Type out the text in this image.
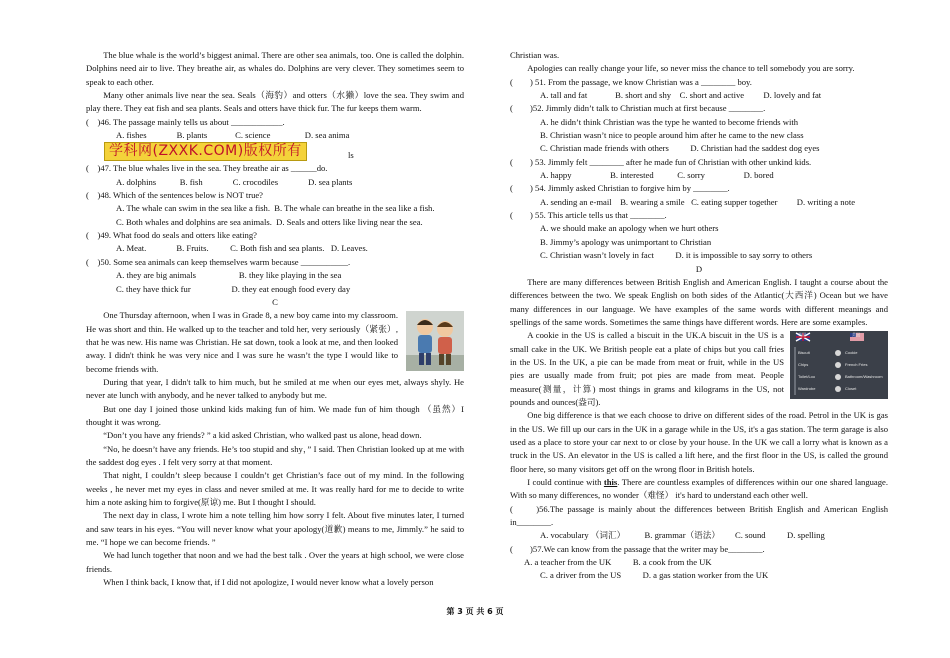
The blue whale is the world’s biggest animal. There are other sea animals, too. One is called the dolphin. Dolphins need air to live. They breathe air, as whales do. Dolphins are very clever. They sometimes seem to speak to each other.

Many other animals live near the sea. Seals（海豹）and otters（水獭）love the sea. They swim and play there. They eat fish and sea plants. Seals and otters have thick fur. The fur keeps them warm.

(　)46. The passage mainly tells us about ____________.

A. fishes              B. plants             C. science                D. sea anima

学科网(ZXXK.COM)版权所有	ls

(　)47. The blue whales live in the sea. They breathe air as ______do.

A. dolphins           B. fish              C. crocodiles              D. sea plants

(　)48. Which of the sentences below is NOT true?

A. The whale can swim in the sea like a fish.  B. The whale can breathe in the sea like a fish.

C. Both whales and dolphins are sea animals.  D. Seals and otters like living near the sea.

(　)49. What food do seals and otters like eating?

A. Meat.              B. Fruits.          C. Both fish and sea plants.   D. Leaves.

(　)50. Some sea animals can keep themselves warm because ___________.

A. they are big animals                    B. they like playing in the sea

C. they have thick fur                   D. they eat enough food every day

C

One Thursday afternoon, when I was in Grade 8, a new boy came into my classroom. He was short and thin. He walked up to the teacher and told her, very seriously（紧张）, that he was new. His name was Christian. He sat down, took a look at me, and then looked away. I didn't think he was very nice and I was sure he wasn’t the type I would like to become friends with.

During that year, I didn't talk to him much, but he smiled at me when our eyes met, always shyly. He never ate lunch with anybody, and he never talked to anybody but me.

But one day I joined those unkind kids making fun of him. We made fun of him though （虽然）I thought it was wrong.

“Don’t you have any friends? ” a kid asked Christian, who walked past us alone, head down.

“No, he doesn’t have any friends. He’s too stupid and shy，” I said. Then Christian looked up at me with the saddest dog eyes . I felt very sorry at that moment.

That night, I couldn’t sleep because I couldn’t get Christian’s face out of my mind. In the following weeks , he never met my eyes in class and never smiled at me. It was really hard for me to decide to write him a note asking him to forgive(原谅) me. But I thought I should.

The next day in class, I wrote him a note telling him how sorry I felt. About five minutes later, I turned and saw tears in his eyes. “You will never know what your apology(道歉) means to me, Jimmly.” he said to me. “I hope we can become friends. ”

We had lunch together that noon and we had the best talk . Over the years at high school, we were close friends.

When I think back, I know that, if I did not apologize, I would never know what a lovely person

Christian was.

Apologies can really change your life, so never miss the chance to tell somebody you are sorry.

(　　) 51. From the passage, we know Christian was a ________ boy.

A. tall and fat             B. short and shy    C. short and active         D. lovely and fat

(　　)52. Jimmly didn’t talk to Christian much at first because ________.

A. he didn’t think Christian was the type he wanted to become friends with

B. Christian wasn’t nice to people around him after he came to the new class

C. Christian made friends with others          D. Christian had the saddest dog eyes

(　　) 53. Jimmly felt ________ after he made fun of Christian with other unkind kids.

A. happy                  B. interested           C. sorry                  D. bored

(　　) 54. Jimmly asked Christian to forgive him by ________.

A. sending an e-mail    B. wearing a smile   C. eating supper together         D. writing a note

(　　) 55. This article tells us that ________.

A. we should make an apology when we hurt others

B. Jimmy’s apology was unimportant to Christian

C. Christian wasn’t lovely in fact          D. it is impossible to say sorry to others

D

There are many differences between British English and American English. I taught a course about the differences between the two. We speak English on both sides of the Atlantic(大西洋) Ocean but we have many differences in our language. We have examples of the same words with different meanings and spellings of the same words. Sometimes the same things have different words. Here are some examples.

英国	美国
Biscuit
Chips
Toilet/Loo
Wardrobe
Cookie
French Fries
Bathroom/Washroom
Closet

A cookie in the US is called a biscuit in the UK.A biscuit in the US is a small cake in the UK. We British people eat a plate of chips but you call fries in the US. In the UK, a pie can be made from meat or fruit, while in the US pies are usually made from fruit; pot pies are made from meat. People measure(测量，计算) most things in grams and kilograms in the US, not pounds and ounces(盎司).

One big difference is that we each choose to drive on different sides of the road. Petrol in the UK is gas in the US. We fill up our cars in the UK in a garage while in the US, it's a gas station. The term garage is also used as a place to store your car next to or close by your house. In the UK we call a lorry what is known as a truck in the US. An elevator in the US is called a lift here, and the first floor in the US, is called the ground floor here, so many visitors get off on the wrong floor in British hotels.

I could continue with this. There are countless examples of differences within our one shared language. With so many differences, no wonder（难怪） it's hard to understand each other well.

(　　)56.The passage is mainly about the differences between British English and American English in________.

A. vocabulary （词汇）         B. grammar（语法）       C. sound          D. spelling

(　　)57.We can know from the passage that the writer may be________.

A. a teacher from the UK          B. a cook from the UK

C. a driver from the US          D. a gas station worker from the UK

第 3 页 共 6 页
